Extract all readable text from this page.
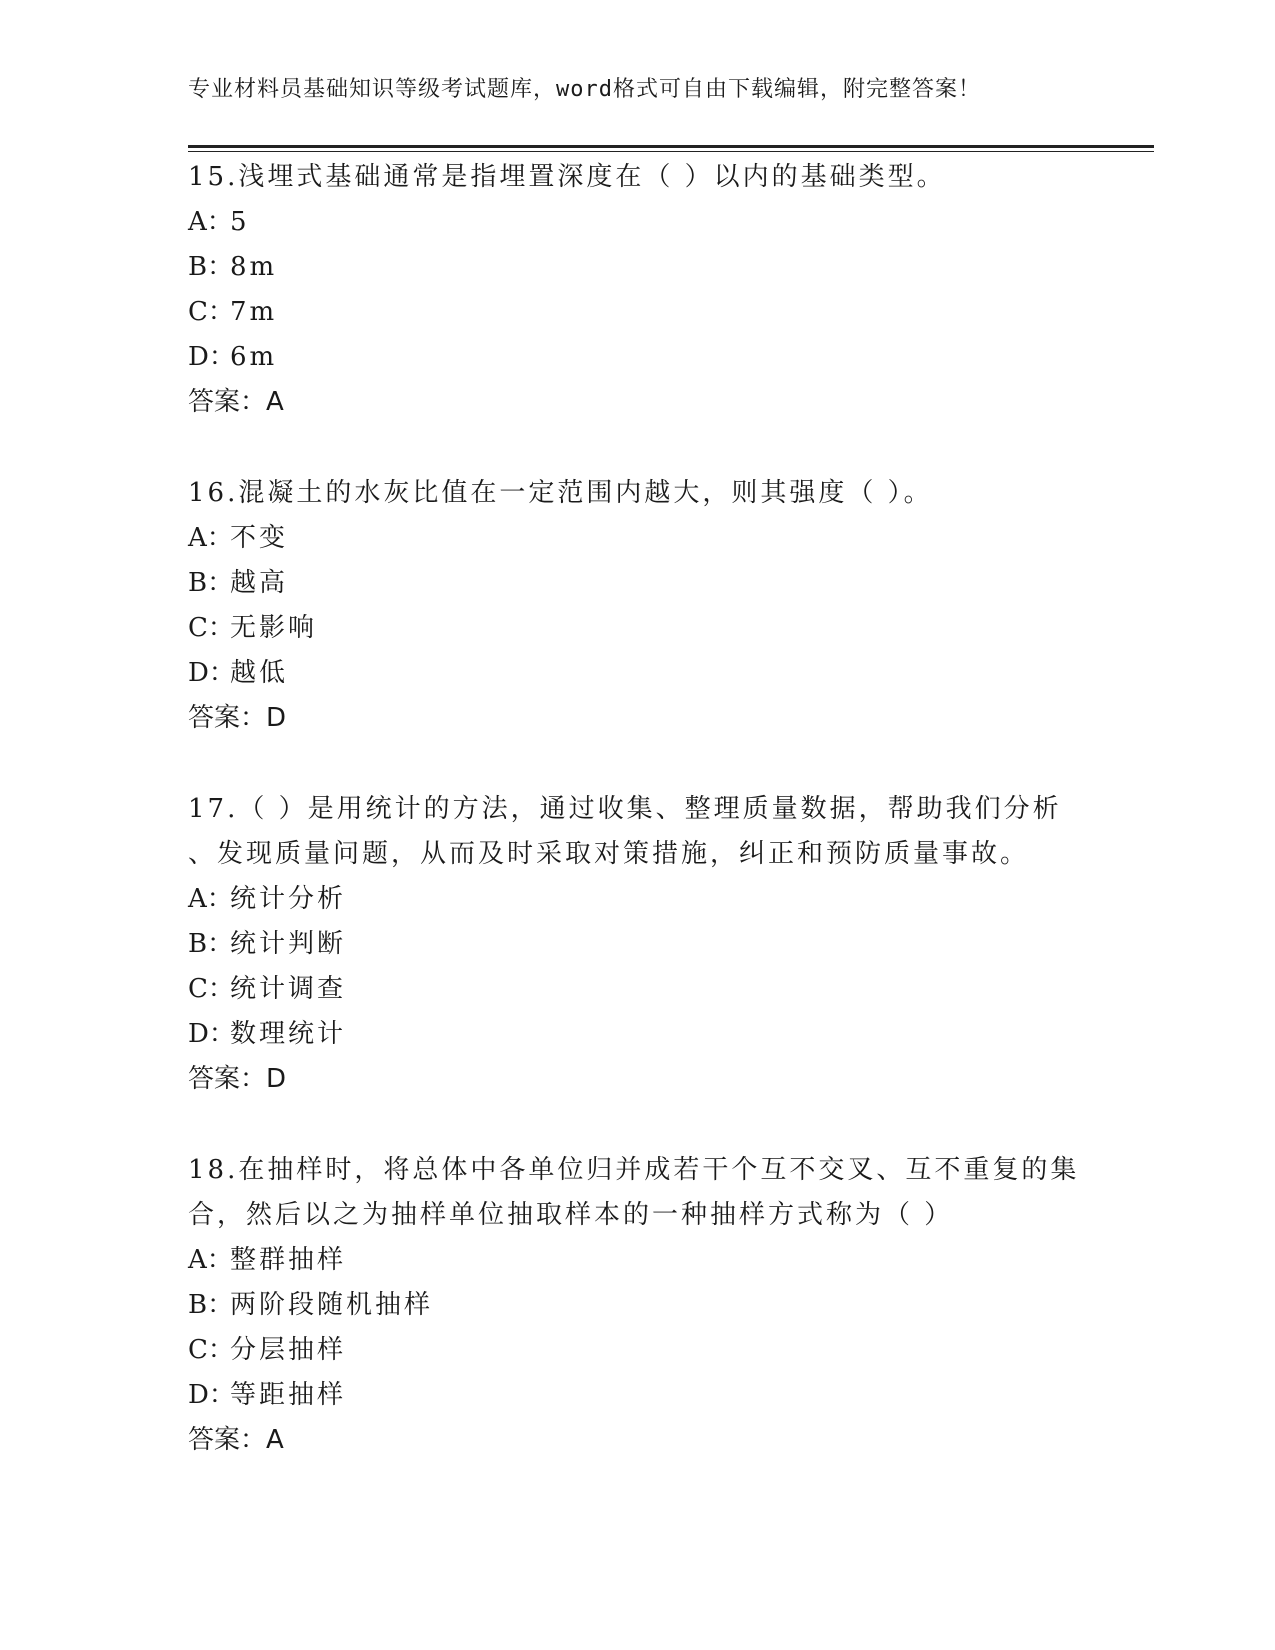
专业材料员基础知识等级考试题库，word格式可自由下载编辑，附完整答案！
15.浅埋式基础通常是指埋置深度在（ ）以内的基础类型。
A：5
B：8m
C：7m
D：6m
答案：A
16.混凝土的水灰比值在一定范围内越大，则其强度（ ）。
A：不变
B：越高
C：无影响
D：越低
答案：D
17.（ ）是用统计的方法，通过收集、整理质量数据，帮助我们分析
、发现质量问题，从而及时采取对策措施，纠正和预防质量事故。
A：统计分析
B：统计判断
C：统计调查
D：数理统计
答案：D
18.在抽样时，将总体中各单位归并成若干个互不交叉、互不重复的集
合，然后以之为抽样单位抽取样本的一种抽样方式称为（ ）
A：整群抽样
B：两阶段随机抽样
C：分层抽样
D：等距抽样
答案：A
